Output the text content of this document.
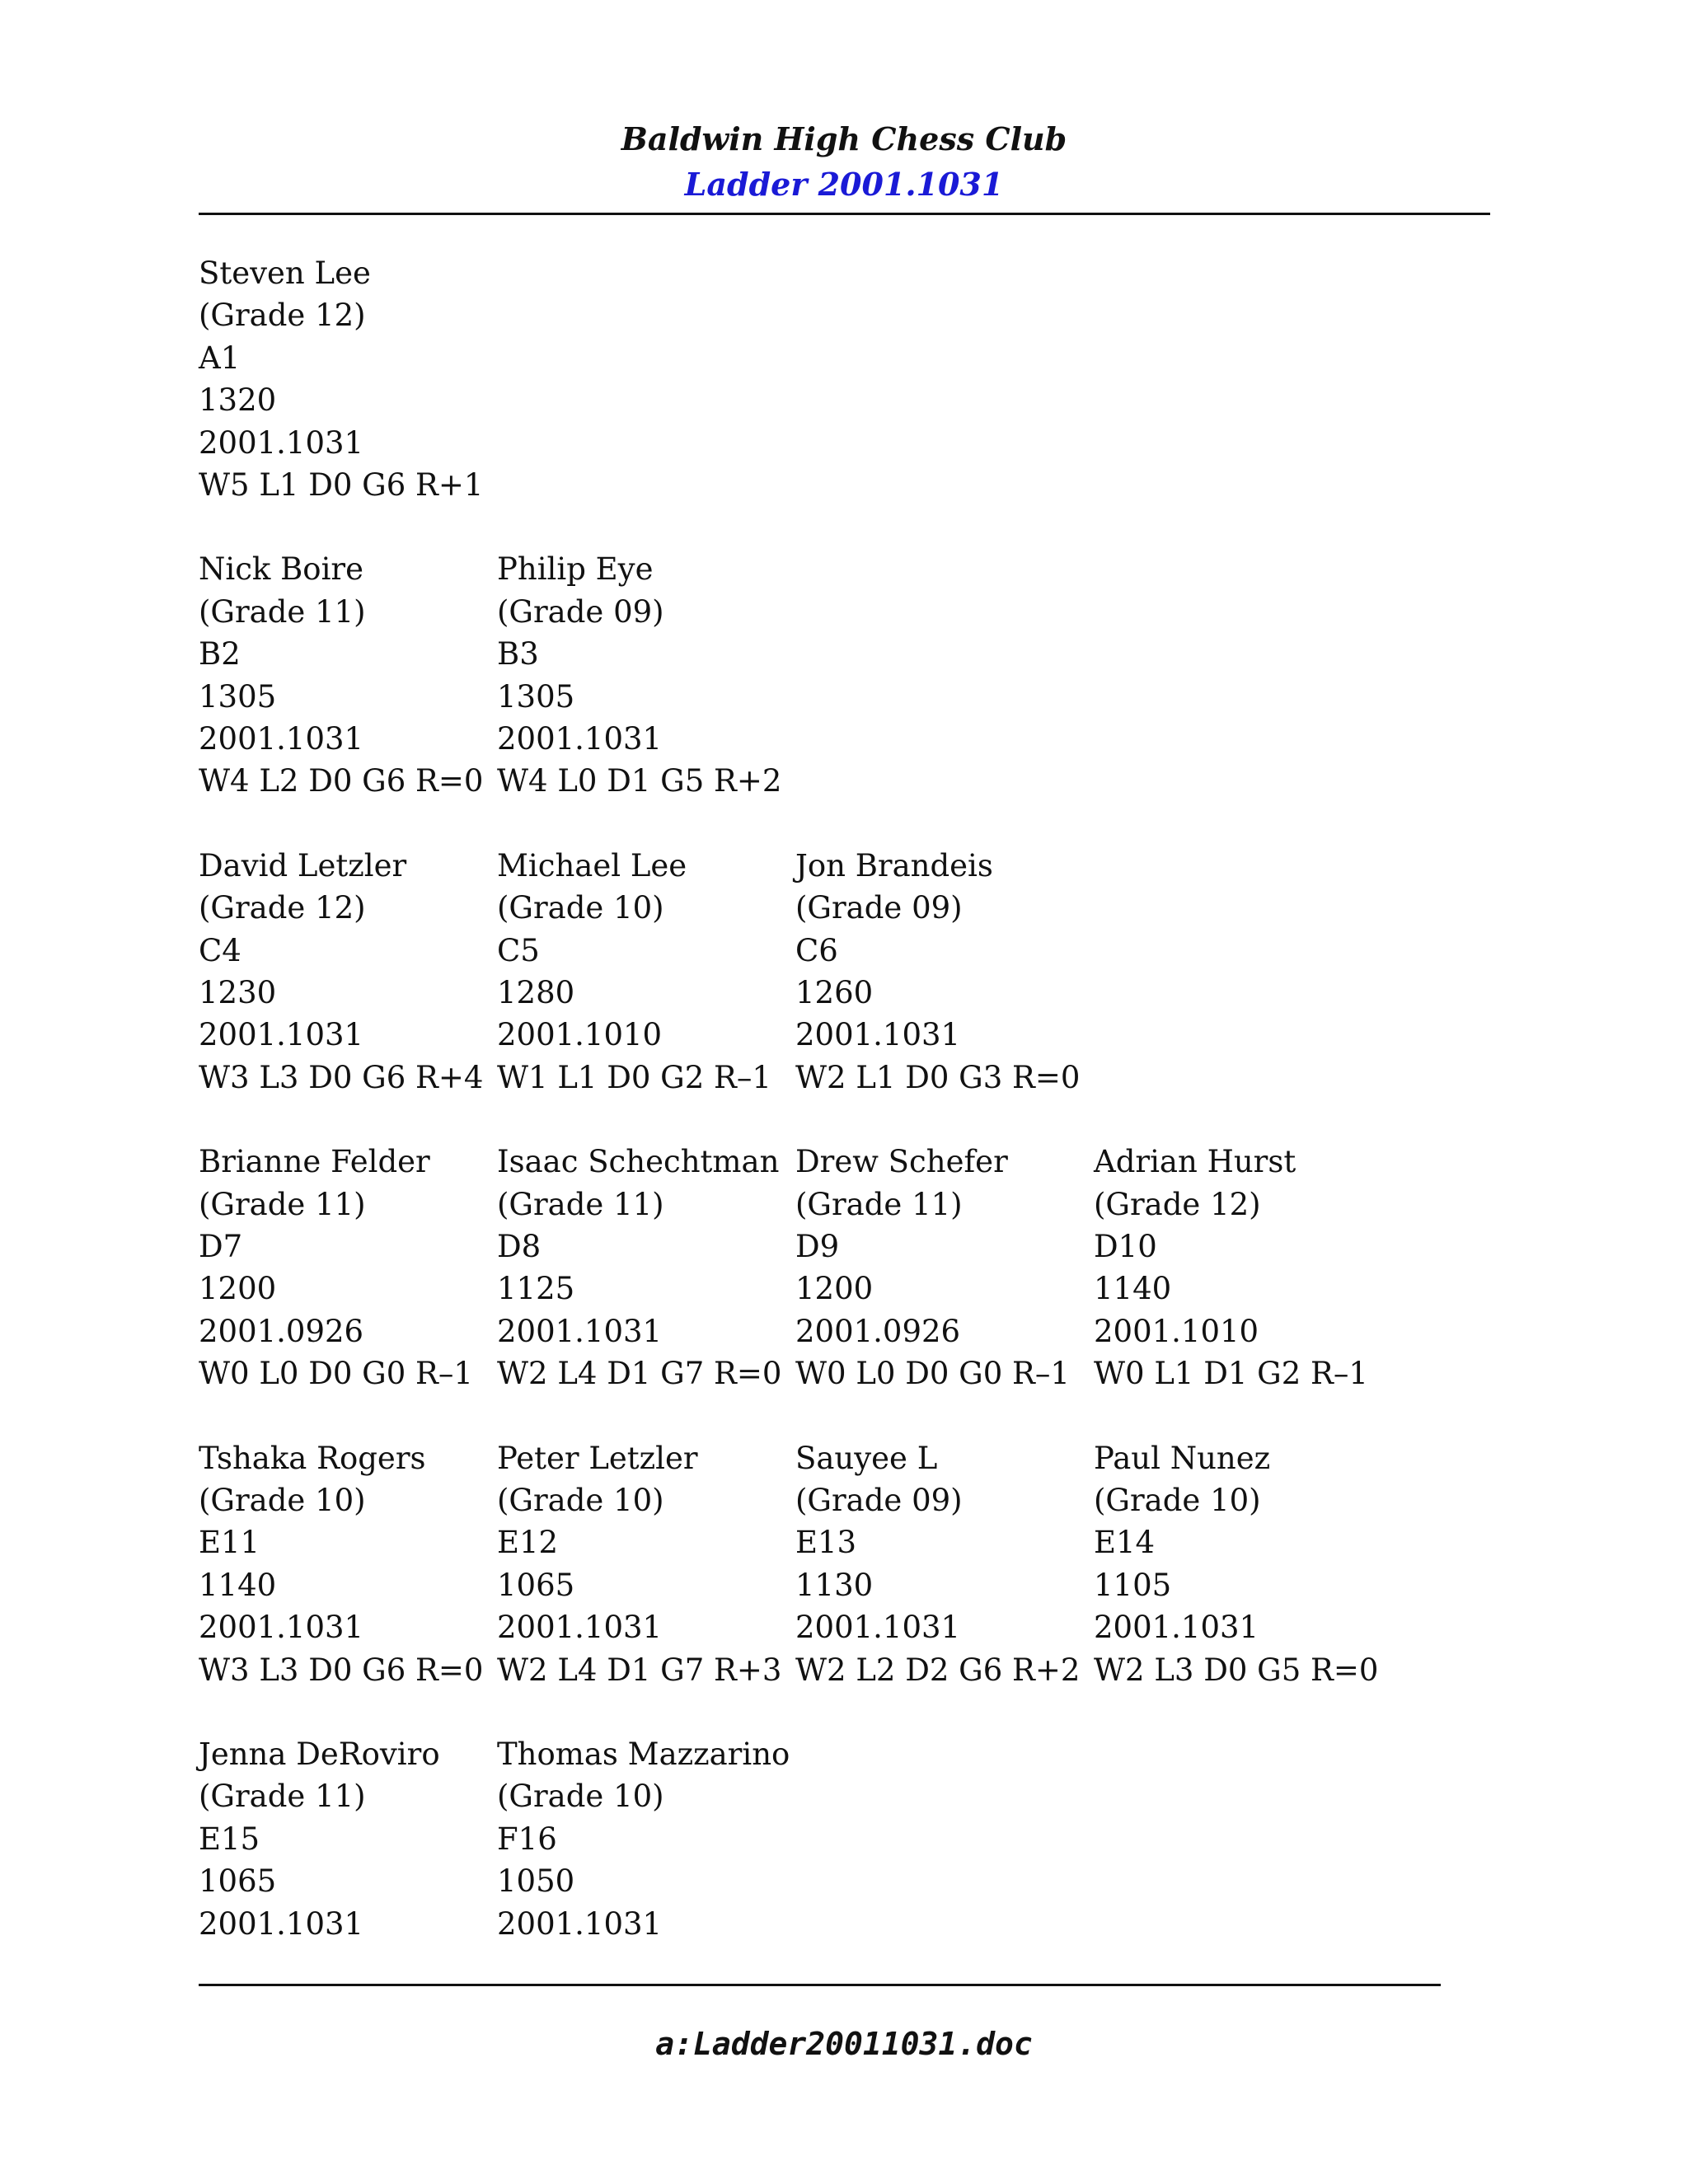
Baldwin High Chess Club
Ladder 2001.1031
Steven Lee
(Grade 12)
A1
1320
2001.1031
W5 L1 D0 G6 R+1
Nick Boire
(Grade 11)
B2
1305
2001.1031
W4 L2 D0 G6 R=0
Philip Eye
(Grade 09)
B3
1305
2001.1031
W4 L0 D1 G5 R+2
David Letzler
(Grade 12)
C4
1230
2001.1031
W3 L3 D0 G6 R+4
Michael Lee
(Grade 10)
C5
1280
2001.1010
W1 L1 D0 G2 R–1
Jon Brandeis
(Grade 09)
C6
1260
2001.1031
W2 L1 D0 G3 R=0
Brianne Felder
(Grade 11)
D7
1200
2001.0926
W0 L0 D0 G0 R–1
Isaac Schechtman
(Grade 11)
D8
1125
2001.1031
W2 L4 D1 G7 R=0
Drew Schefer
(Grade 11)
D9
1200
2001.0926
W0 L0 D0 G0 R–1
Adrian Hurst
(Grade 12)
D10
1140
2001.1010
W0 L1 D1 G2 R–1
Tshaka Rogers
(Grade 10)
E11
1140
2001.1031
W3 L3 D0 G6 R=0
Peter Letzler
(Grade 10)
E12
1065
2001.1031
W2 L4 D1 G7 R+3
Sauyee L
(Grade 09)
E13
1130
2001.1031
W2 L2 D2 G6 R+2
Paul Nunez
(Grade 10)
E14
1105
2001.1031
W2 L3 D0 G5 R=0
Jenna DeRoviro
(Grade 11)
E15
1065
2001.1031
Thomas Mazzarino
(Grade 10)
F16
1050
2001.1031
a:Ladder20011031.doc
